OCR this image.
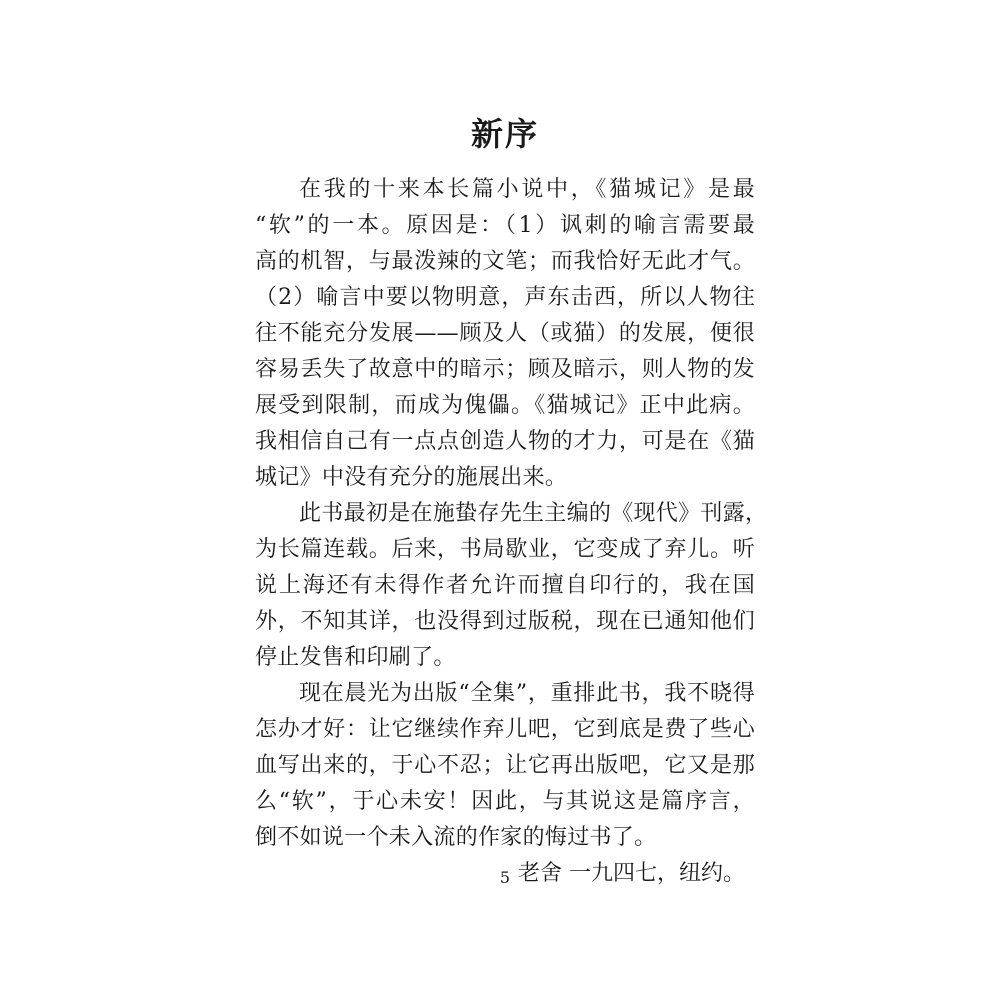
新序
在我的十来本长篇小说中，《猫城记》是最
“软”的一本。原因是：（1）讽刺的喻言需要最
高的机智，与最泼辣的文笔；而我恰好无此才气。
（2）喻言中要以物明意，声东击西，所以人物往
往不能充分发展——顾及人（或猫）的发展，便很
容易丢失了故意中的暗示；顾及暗示，则人物的发
展受到限制，而成为傀儡。《猫城记》正中此病。
我相信自己有一点点创造人物的才力，可是在《猫
城记》中没有充分的施展出来。
此书最初是在施蛰存先生主编的《现代》刊露，
为长篇连载。后来，书局歇业，它变成了弃儿。听
说上海还有未得作者允许而擅自印行的，我在国
外，不知其详，也没得到过版税，现在已通知他们
停止发售和印刷了。
现在晨光为出版“全集”，重排此书，我不晓得
怎办才好：让它继续作弃儿吧，它到底是费了些心
血写出来的，于心不忍；让它再出版吧，它又是那
么“软”，于心未安！因此，与其说这是篇序言，
倒不如说一个未入流的作家的悔过书了。
老舍 一九四七，纽约。
5
